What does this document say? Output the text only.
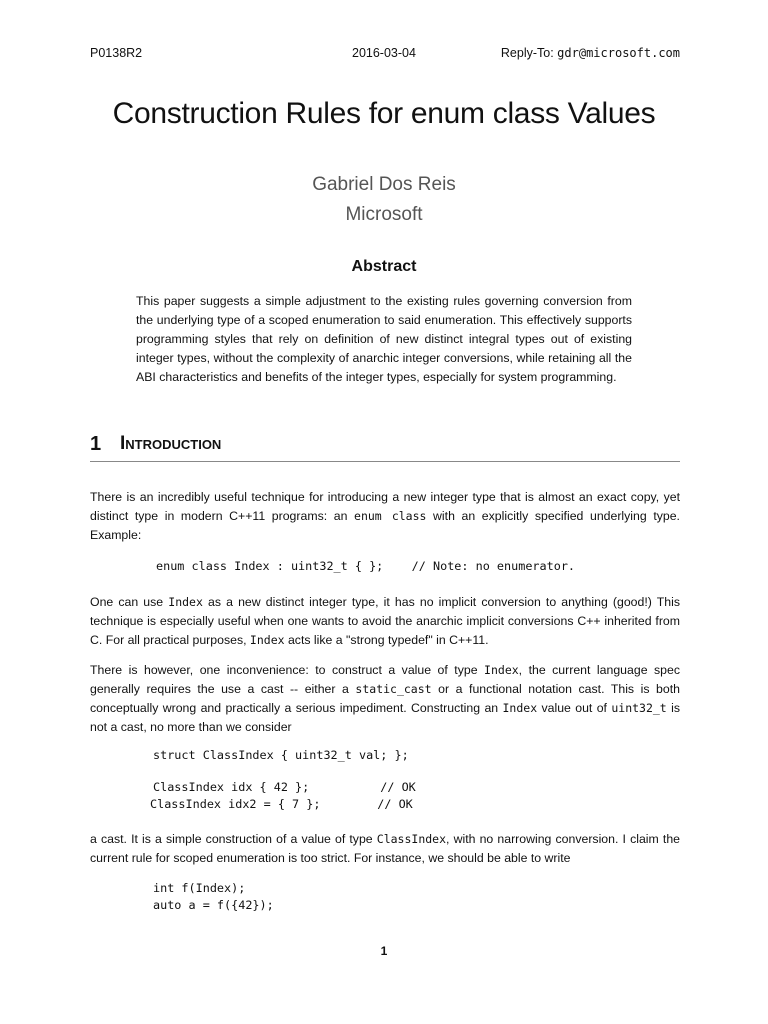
P0138R2	2016-03-04	Reply-To: gdr@microsoft.com
Construction Rules for enum class Values
Gabriel Dos Reis
Microsoft
Abstract

This paper suggests a simple adjustment to the existing rules governing conversion from the underlying type of a scoped enumeration to said enumeration. This effectively supports programming styles that rely on definition of new distinct integral types out of existing integer types, without the complexity of anarchic integer conversions, while retaining all the ABI characteristics and benefits of the integer types, especially for system programming.

1 Introduction

There is an incredibly useful technique for introducing a new integer type that is almost an exact copy, yet distinct type in modern C++11 programs: an enum class with an explicitly specified underlying type. Example:

enum class Index : uint32_t { };    // Note: no enumerator.

One can use Index as a new distinct integer type, it has no implicit conversion to anything (good!) This technique is especially useful when one wants to avoid the anarchic implicit conversions C++ inherited from C. For all practical purposes, Index acts like a "strong typedef" in C++11.

There is however, one inconvenience: to construct a value of type Index, the current language spec generally requires the use a cast -- either a static_cast or a functional notation cast. This is both conceptually wrong and practically a serious impediment. Constructing an Index value out of uint32_t is not a cast, no more than we consider

struct ClassIndex { uint32_t val; };
ClassIndex idx { 42 };          // OK
ClassIndex idx2 = { 7 };        // OK

a cast. It is a simple construction of a value of type ClassIndex, with no narrowing conversion. I claim the current rule for scoped enumeration is too strict. For instance, we should be able to write

int f(Index);
auto a = f({42});
1
